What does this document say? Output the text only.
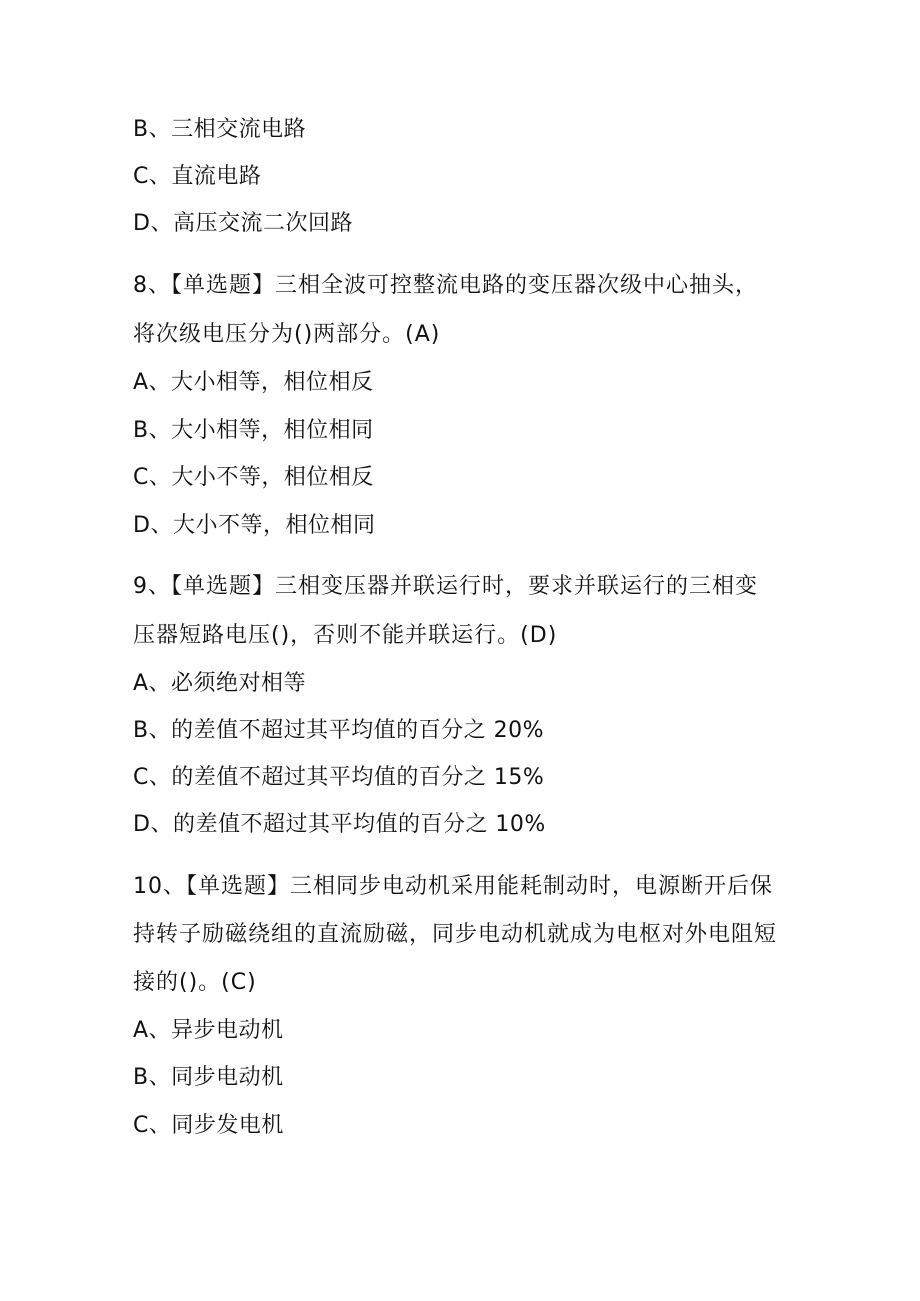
B、三相交流电路
C、直流电路
D、高压交流二次回路
8、【单选题】三相全波可控整流电路的变压器次级中心抽头，
将次级电压分为()两部分。(A)
A、大小相等，相位相反
B、大小相等，相位相同
C、大小不等，相位相反
D、大小不等，相位相同
9、【单选题】三相变压器并联运行时，要求并联运行的三相变
压器短路电压()，否则不能并联运行。(D)
A、必须绝对相等
B、的差值不超过其平均值的百分之 20%
C、的差值不超过其平均值的百分之 15%
D、的差值不超过其平均值的百分之 10%
10、【单选题】三相同步电动机采用能耗制动时，电源断开后保
持转子励磁绕组的直流励磁，同步电动机就成为电枢对外电阻短
接的()。(C)
A、异步电动机
B、同步电动机
C、同步发电机
